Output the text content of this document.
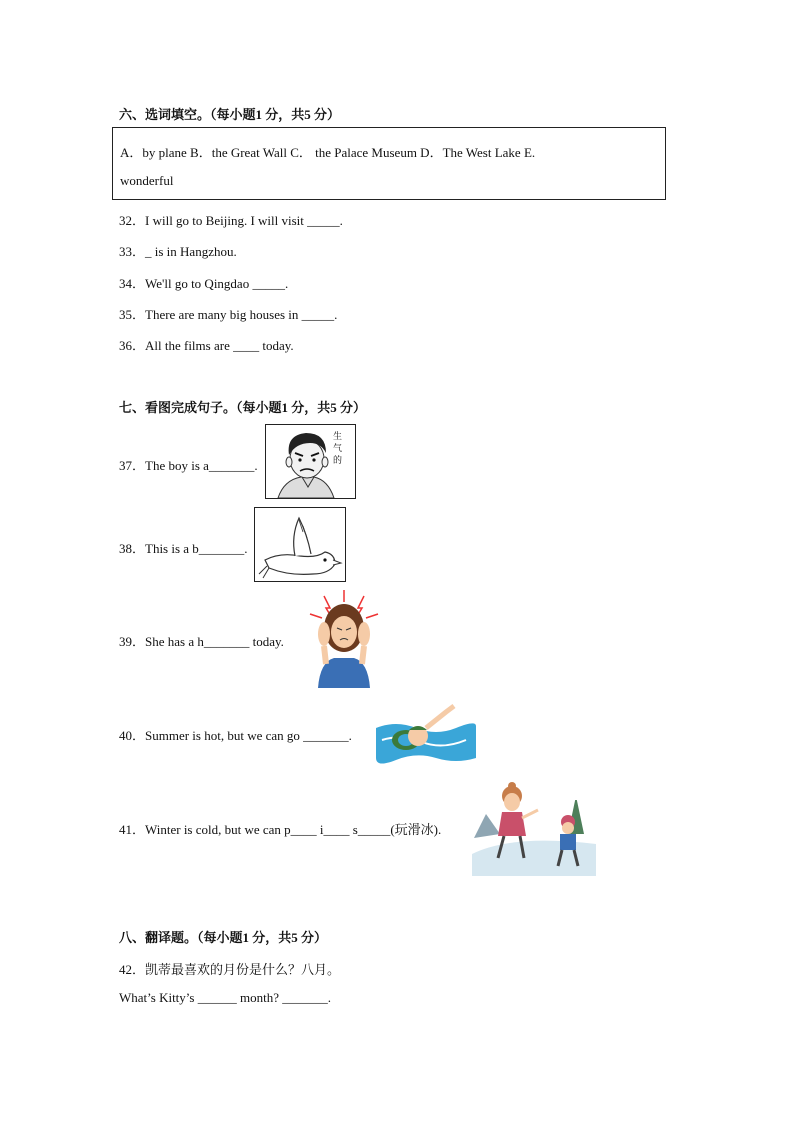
六、选词填空。（每小题1 分，共5 分）
A．by plane B．the Great Wall C． the Palace Museum D．The West Lake E.
wonderful
32．I will go to Beijing. I will visit _____.
33．_ is in Hangzhou.
34．We'll go to Qingdao _____.
35．There are many big houses in _____.
36．All the films are ____ today.
七、看图完成句子。（每小题1 分，共5 分）
37．The boy is a_______.
生
气
的
38．This is a b_______.
39．She has a h_______ today.
40．Summer is hot, but we can go _______.
41．Winter is cold, but we can p____ i____ s_____(玩滑冰).
八、翻译题。（每小题1 分，共5 分）
42．凯蒂最喜欢的月份是什么？八月。
What’s Kitty’s ______ month? _______.
